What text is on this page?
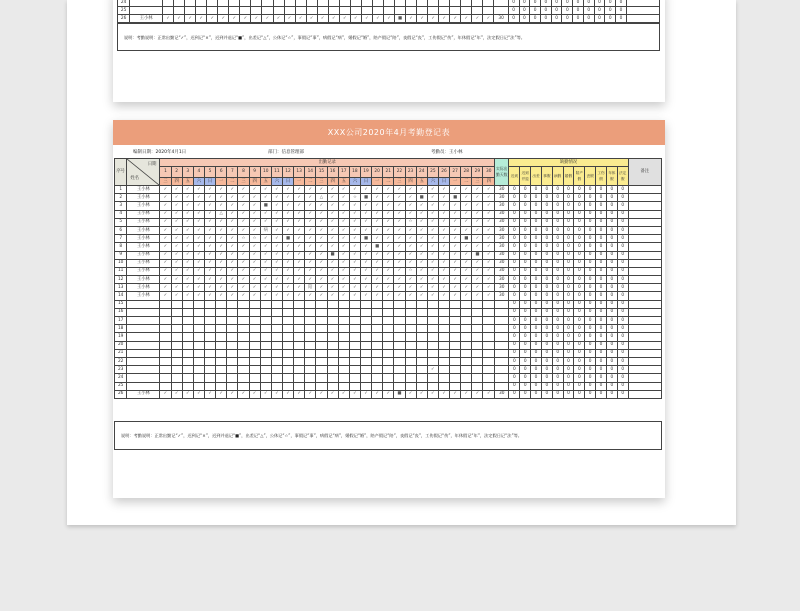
24																																	0	0	0	0	0	0	0	0	0	0	0	
25																																	0	0	0	0	0	0	0	0	0	0	0	
26	王小林	✓	✓	✓	✓	✓	✓	✓	✓	✓	✓	✓	✓	✓	✓	✓	✓	✓	✓	✓	✓	✓	■	✓	✓	✓	✓	✓	✓	✓	✓	30	0	0	0	0	0	0	0	0	0	0	0	
说明：考勤说明：正常出勤记“✓”，迟到记“×”，迟到并退记“■”，出差记“△”，公休记“☆”，事假记“事”，病假记“病”，婚假记“婚”，陪产假记“陪”，丧假记“丧”，工伤假记“伤”，年休假记“年”，法定假日记“法”等。
XXX公司2020年4月考勤登记表
编制日期：2020年4月1日	部门：信息管理部	考勤员：王小林
序号	日期
姓名	出勤记录																														实际出勤天数	缺勤情况											备注
		1	2	3	4	5	6	7	8	9	10	11	12	13	14	15	16	17	18	19	20	21	22	23	24	25	26	27	28	29	30		迟到	迟到并退	出差	事假	病假	婚假	陪产假	丧假	工伤假	年休假	法定假	
		三	四	五	六	日	一	二	三	四	五	六	日	一	二	三	四	五	六	日	一	二	三	四	五	六	日	一	二	三	四													
1	王小林	✓	✓	✓	✓	✓	✓	✓	✓	✓	✓	✓	✓	✓	✓	✓	✓	✓	✓	✓	✓	✓	✓	✓	✓	✓	✓	✓	✓	✓	✓	30	0	0	0	0	0	0	0	0	0	0	0	
2	王小林	✓	✓	✓	✓	✓	✓	✓	✓	✓	✓	✓	✓	✓	✓	△	✓	✓	☆	■	✓	✓	✓	✓	■	✓	✓	■	✓	✓	✓	30	0	0	0	0	0	0	0	0	0	0	0	
3	王小林	✓	✓	✓	✓	✓	✓	✓	✓	✓	■	✓	✓	✓	✓	✓	✓	✓	✓	✓	✓	✓	✓	✓	✓	✓	✓	✓	✓	✓	✓	30	0	0	0	0	0	0	0	0	0	0	0	
4	王小林	✓	✓	✓	✓	✓	△	✓	✓	✓	✓	✓	✓	✓	✓	✓	✓	✓	✓	✓	✓	✓	✓	✓	✓	✓	✓	✓	✓	✓	✓	30	0	0	0	0	0	0	0	0	0	0	0	
5	王小林	✓	✓	✓	✓	✓	✓	✓	✓	✓	✓	✓	✓	✓	✓	✓	✓	✓	✓	✓	✓	✓	✓	☆	✓	✓	✓	✓	✓	✓	✓	30	0	0	0	0	0	0	0	0	0	0	0	
6	王小林	✓	✓	✓	✓	✓	✓	✓	✓	✓	病	✓	✓	✓	✓	✓	✓	✓	✓	✓	✓	✓	✓	✓	✓	✓	✓	✓	✓	✓	✓	30	0	0	0	0	0	0	0	0	0	0	0	
7	王小林	✓	✓	✓	✓	✓	✓	✓	☆	☆	✓	✓	■	✓	✓	✓	✓	✓	✓	■	✓	✓	✓	✓	✓	✓	✓	✓	■	✓	✓	30	0	0	0	0	0	0	0	0	0	0	0	
8	王小林	✓	✓	✓	✓	✓	✓	✓	✓	✓	✓	✓	✓	✓	✓	✓	✓	✓	✓	✓	■	✓	✓	✓	✓	✓	✓	✓	✓	✓	✓	30	0	0	0	0	0	0	0	0	0	0	0	
9	王小林	✓	✓	✓	✓	✓	✓	✓	✓	✓	✓	✓	✓	✓	✓	✓	■	✓	✓	✓	✓	✓	✓	✓	✓	✓	✓	✓	✓	■	✓	30	0	0	0	0	0	0	0	0	0	0	0	
10	王小林	✓	✓	✓	✓	✓	✓	✓	✓	✓	✓	✓	✓	✓	✓	✓	✓	✓	✓	✓	✓	✓	✓	✓	✓	✓	✓	✓	✓	✓	✓	30	0	0	0	0	0	0	0	0	0	0	0	
11	王小林	✓	✓	✓	✓	✓	✓	✓	✓	✓	✓	✓	✓	✓	✓	✓	✓	✓	✓	✓	✓	✓	✓	☆	✓	✓	✓	✓	✓	✓	✓	30	0	0	0	0	0	0	0	0	0	0	0	
12	王小林	✓	✓	✓	✓	✓	✓	✓	✓	✓	✓	✓	✓	✓	✓	✓	✓	✓	✓	✓	✓	✓	✓	✓	✓	✓	✓	✓	✓	✓	✓	30	0	0	0	0	0	0	0	0	0	0	0	
13	王小林	✓	✓	✓	✓	✓	✓	✓	✓	✓	✓	✓	✓	✓	陪	✓	✓	✓	✓	✓	✓	✓	✓	✓	✓	✓	✓	✓	✓	✓	✓	30	0	0	0	0	0	0	0	0	0	0	0	
14	王小林	✓	✓	✓	✓	✓	✓	✓	✓	✓	✓	✓	✓	✓	✓	✓	✓	✓	✓	✓	✓	✓	✓	✓	✓	✓	✓	✓	✓	✓	✓	30	0	0	0	0	0	0	0	0	0	0	0	
15																																	0	0	0	0	0	0	0	0	0	0	0	
16																																	0	0	0	0	0	0	0	0	0	0	0	
17																																	0	0	0	0	0	0	0	0	0	0	0	
18																																	0	0	0	0	0	0	0	0	0	0	0	
19																																	0	0	0	0	0	0	0	0	0	0	0	
20																																	0	0	0	0	0	0	0	0	0	0	0	
21																																	0	0	0	0	0	0	0	0	0	0	0	
22																																	0	0	0	0	0	0	0	0	0	0	0	
23																										✓							0	0	0	0	0	0	0	0	0	0	0	
24																																	0	0	0	0	0	0	0	0	0	0	0	
25																																	0	0	0	0	0	0	0	0	0	0	0	
26	王小林	✓	✓	✓	✓	✓	✓	✓	✓	✓	✓	✓	✓	✓	✓	✓	✓	✓	✓	✓	✓	✓	■	✓	✓	✓	✓	✓	✓	✓	✓	30	0	0	0	0	0	0	0	0	0	0	0	
说明：考勤说明：正常出勤记“✓”，迟到记“×”，迟到并退记“■”，出差记“△”，公休记“☆”，事假记“事”，病假记“病”，婚假记“婚”，陪产假记“陪”，丧假记“丧”，工伤假记“伤”，年休假记“年”，法定假日记“法”等。
